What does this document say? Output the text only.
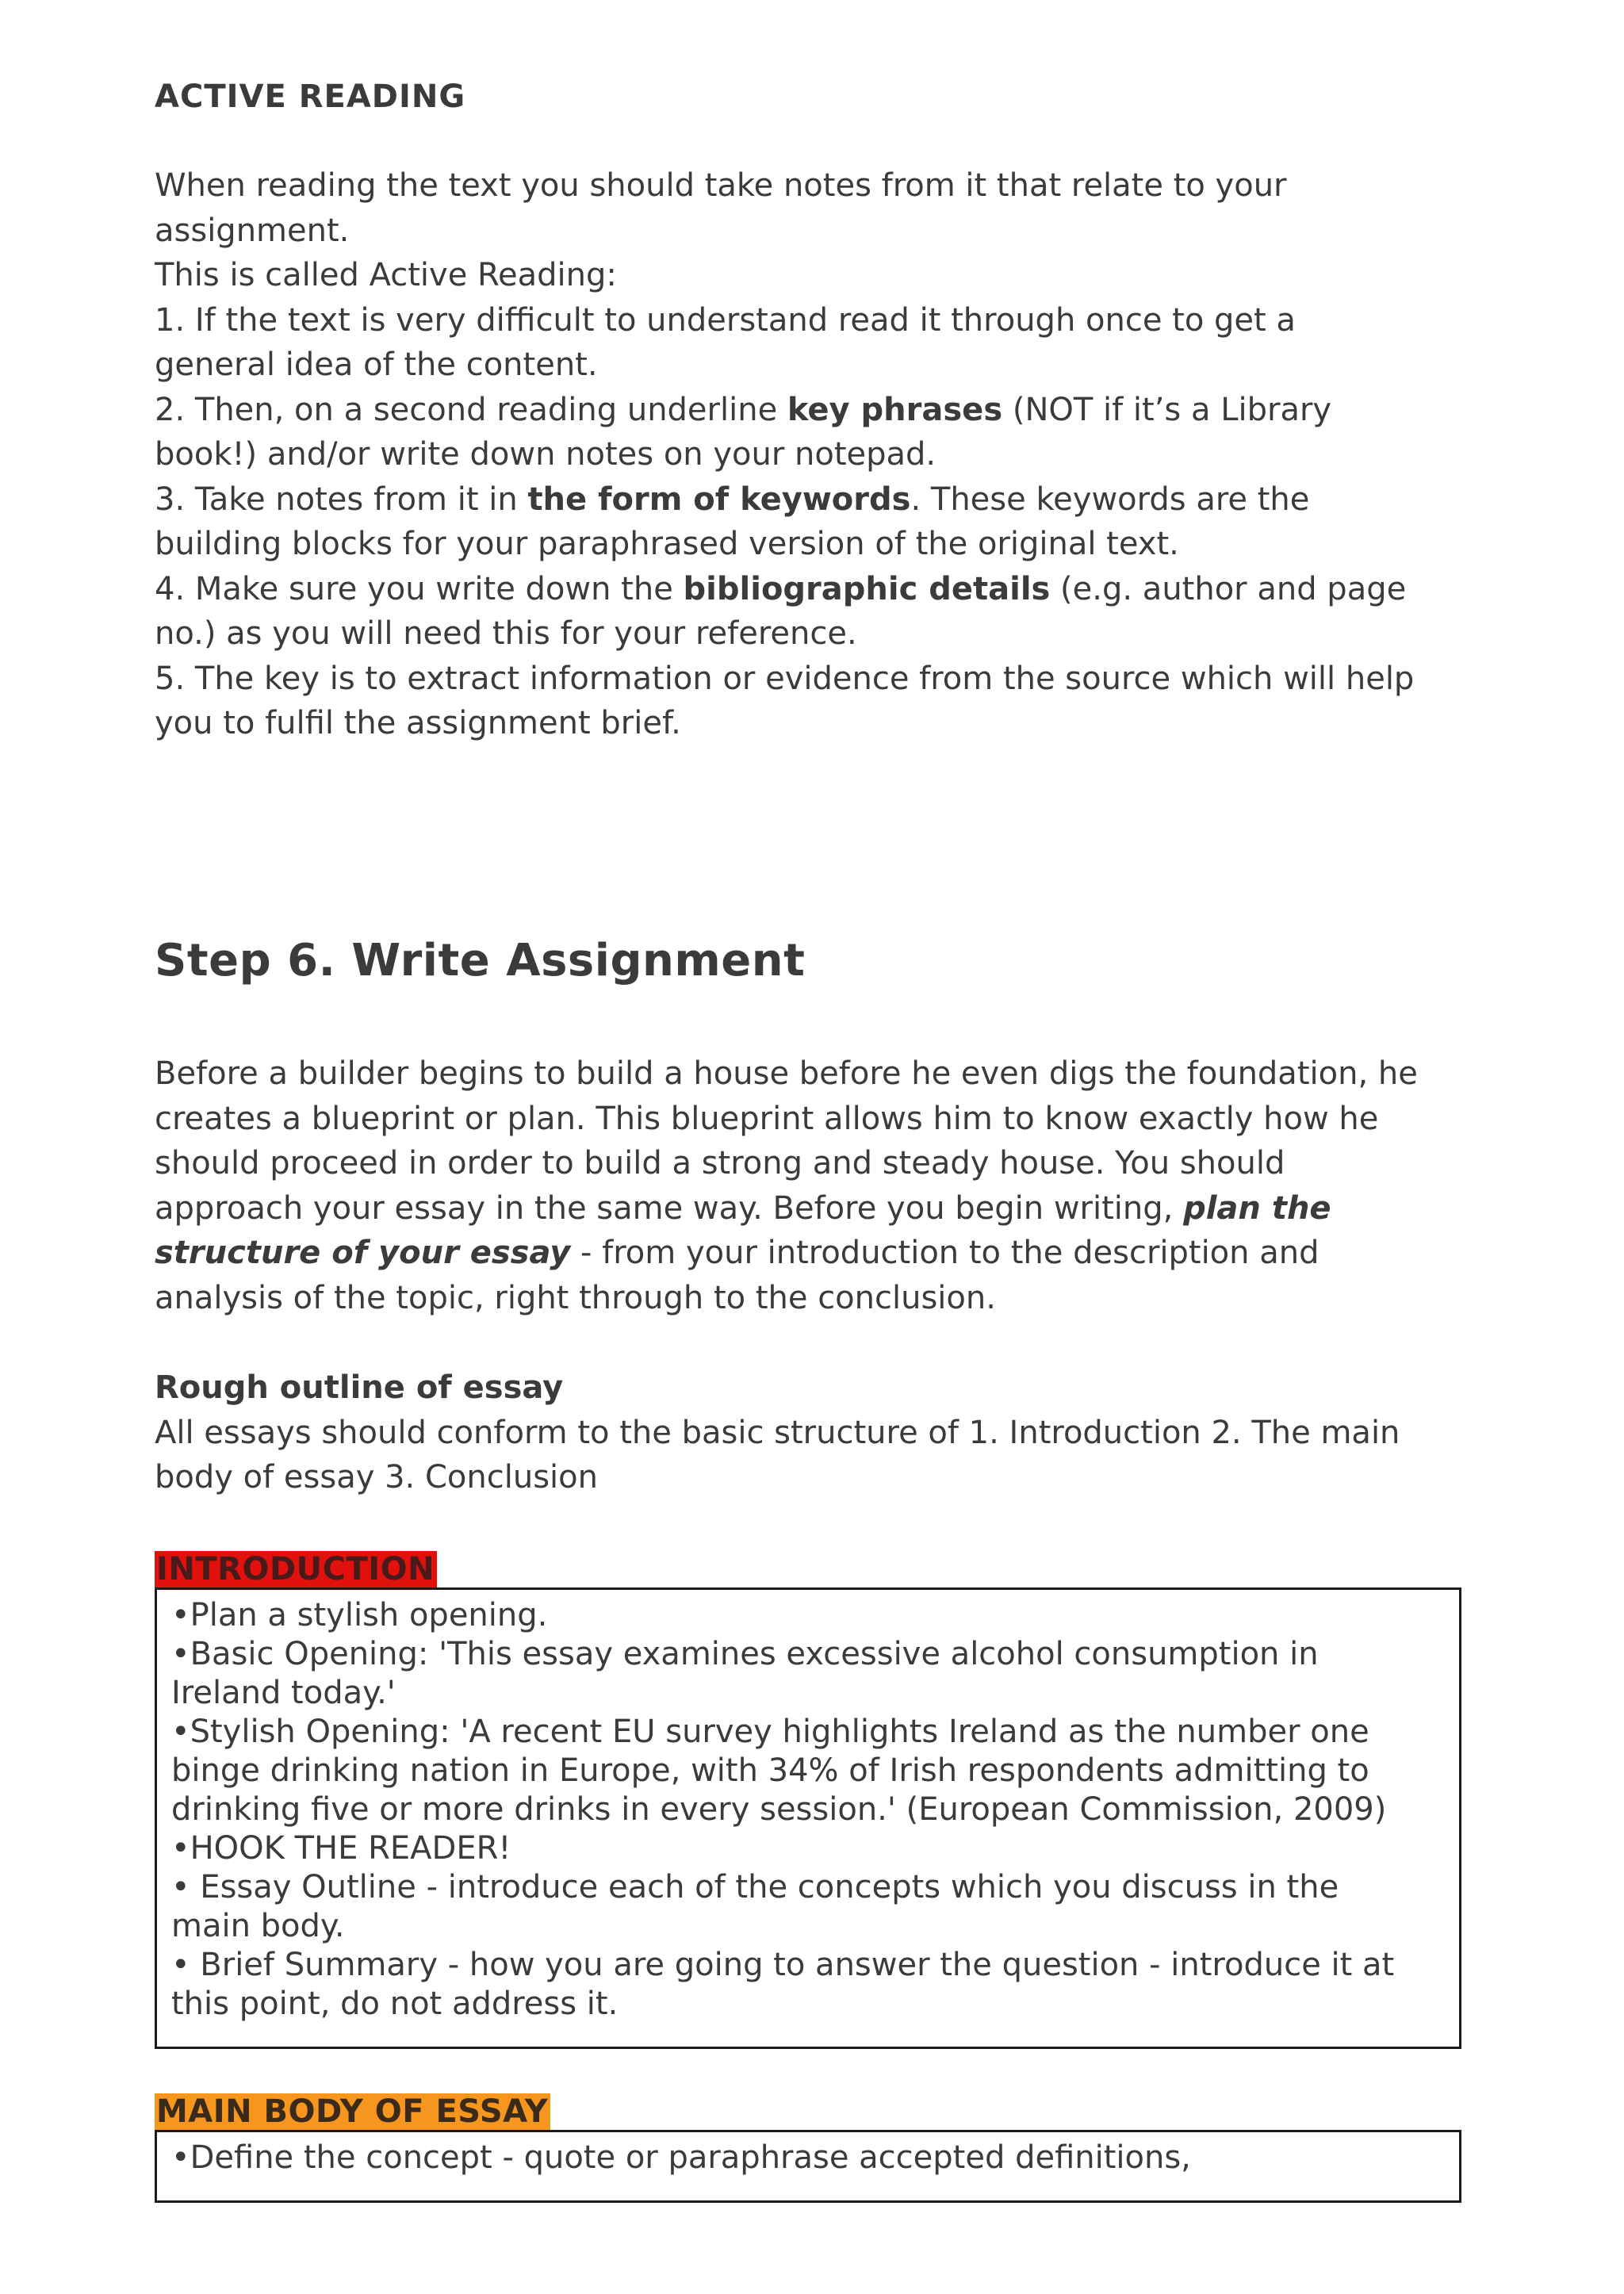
ACTIVE READING
When reading the text you should take notes from it that relate to your
assignment.
This is called Active Reading:
1. If the text is very difficult to understand read it through once to get a
general idea of the content.
2. Then, on a second reading underline key phrases (NOT if it’s a Library
book!) and/or write down notes on your notepad.
3. Take notes from it in the form of keywords. These keywords are the
building blocks for your paraphrased version of the original text.
4. Make sure you write down the bibliographic details (e.g. author and page
no.) as you will need this for your reference.
5. The key is to extract information or evidence from the source which will help
you to fulfil the assignment brief.
Step 6. Write Assignment
Before a builder begins to build a house before he even digs the foundation, he
creates a blueprint or plan. This blueprint allows him to know exactly how he
should proceed in order to build a strong and steady house. You should
approach your essay in the same way. Before you begin writing, plan the
structure of your essay - from your introduction to the description and
analysis of the topic, right through to the conclusion.
Rough outline of essay
All essays should conform to the basic structure of 1. Introduction 2. The main
body of essay 3. Conclusion
INTRODUCTION
•Plan a stylish opening.
•Basic Opening: 'This essay examines excessive alcohol consumption in
Ireland today.'
•Stylish Opening: 'A recent EU survey highlights Ireland as the number one
binge drinking nation in Europe, with 34% of Irish respondents admitting to
drinking five or more drinks in every session.' (European Commission, 2009)
•HOOK THE READER!
• Essay Outline - introduce each of the concepts which you discuss in the
main body.
• Brief Summary - how you are going to answer the question - introduce it at
this point, do not address it.
MAIN BODY OF ESSAY
•Define the concept - quote or paraphrase accepted definitions,
